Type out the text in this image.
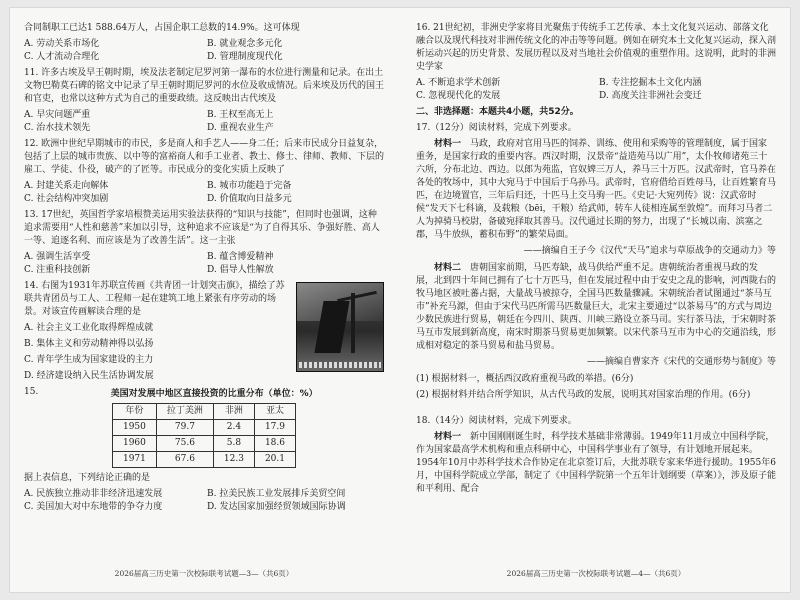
合同制职工已达1 588.64万人，占国企职工总数的14.9%。这可体现

A. 劳动关系市场化	B. 就业观念多元化
C. 人才流动合理化	D. 管理制度现代化

11. 许多古埃及早王朝时期，埃及法老制定尼罗河第一瀑布的水位进行测量和记录。在出土文物巴勒莫石碑的铭文中记录了早王朝时期尼罗河的水位及收成情况。后来埃及历代的国王和官吏，也常以这种方式为自己的重要政绩。这反映出古代埃及

A. 早灾问题严重	B. 王权至高无上
C. 治水技术领先	D. 重视农业生产

12. 欧洲中世纪早期城市的市民，多是商人和手艺人——身二任；后来市民成分日益复杂，包括了上层的城市贵族、以中等的富裕商人和手工业者、教士、修士、律师、教师、下层的雇工、学徒、仆役，破产的了匠等。市民成分的变化实质上反映了

A. 封建关系走向解体	B. 城市功能趋于完备
C. 社会结构冲突加剧	D. 价值取向日益多元

13. 17世纪，英国哲学家培根赞美运用实验法获得的“知识与技能”，但同时也强调，这种追求需要用“人性和慈善”来加以引导，这种追求不应该是“为了自得其乐、争强好胜、高人一等、追逐名利、而应该是为了改善生活”。这一主张

A. 强调生活享受	B. 蕴含博爱精神
C. 注重科技创新	D. 倡导人性解放

14. 右图为1931年苏联宣传画《共青团一计划突击旗》，描绘了苏联共青团员与工人、工程师一起在建筑工地上紧张有序劳动的场景。对该宣传画解读合理的是

A. 社会主义工业化取得辉煌成就

B. 集体主义和劳动精神得以弘扬

C. 青年学生成为国家建设的主力

D. 经济建设纳入民生活协调发展

15.	美国对发展中地区直接投资的比重分布（单位：%）
年份	拉丁美洲	非洲	亚太
1950	79.7	2.4	17.9
1960	75.6	5.8	18.6
1971	67.6	12.3	20.1

据上表信息，下列结论正确的是

A. 民族独立推动非非经济迅速发展	B. 拉美民族工业发展排斥美贸空间
C. 美国加大对中东地带的争夺力度	D. 发达国家加强经贸领域国际协调
2026届高三历史第一次校际联考试题—3—（共6页）

16. 21世纪初，非洲史学家将目光聚焦于传统手工艺传承、本土文化复兴运动、部落文化融合以及现代科技对非洲传统文化的冲击等等问题。例如在研究本土文化复兴运动，探入剖析运动兴起的历史背景、发展历程以及对当地社会价值观的重塑作用。这说明，此时的非洲史学家

A. 不断追求学术创新	B. 专注挖掘本土文化内涵
C. 忽视现代化的发展	D. 高度关注非洲社会变迁
二、非选择题：本题共4小题，共52分。

17.（12分）阅读材料，完成下列要求。

材料一　 马政，政府对官用马匹的饲养、训练、使用和采购等的管理制度，属于国家重务，是国家行政的重要内容。西汉时期，汉景帝“益造苑马以广用”，太仆牧师诸苑三十六所，分布北边、西边。以郎为苑监，官奴婢三万人，养马三十万匹。汉武帝时，官马养在各处的牧场中，其中大宛马于中国后于乌孙马。武帝时，官府借给百姓母马，让百姓繁育马匹，在边境置官，三年后归还，十匹马上交马驹一匹。《史记·大宛列传》说：汉武帝时候“发天下七科谪，及载粮（bēi，干粮）给武师，转车人徒相连属至敦煌”。而拜习马者二人为掉骑马校尉，备破宛择取其善马。汉代通过长期的努力，出现了“长城以南、滨塞之郡，马牛放纵，蓄积布野”的繁荣局面。

——摘编自王子今《汉代“天马”追求与草原战争的交通动力》等

材料二　 唐朝国家前期，马匹寿缺，战马供给严重不足。唐朝统治者重视马政的发展，北到四十年间已拥有了七十万匹马，但在发展过程中由于安史之乱的影响，河西陇右的牧马地区被吐蕃占据，大量战马被掠夺，全国马匹数量骤减。宋朝统治者试图通过“茶马互市”补充马源，但由于宋代马匹所需马匹数量巨大，北宋主要通过“以茶易马”的方式与周边少数民族进行贸易，朝廷在今四川、陕西、川峡三路设立茶马司。实行茶马法，于宋朝时茶马互市发展到新高度，南宋时期茶马贸易更加频繁。以宋代茶马互市为中心的交通沿线，形成相对稳定的茶马贸易和盐马贸易。

——摘编自曹家齐《宋代的交通形势与制度》等

(1) 根据材料一，概括西汉政府重视马政的举措。(6分)

(2) 根据材料并结合所学知识，从古代马政的发展，说明其对国家治理的作用。(6分)

18.（14分）阅读材料，完成下列要求。

材料一　 新中国刚刚诞生时，科学技术基础非常薄弱。1949年11月成立中国科学院，作为国家最高学术机构和重点科研中心，中国科学事业有了领导，有计划地开展起来。1954年10月中苏科学技术合作协定在北京签订后，大批苏联专家来华进行援助。1955年6月，中国科学院成立学部，制定了《中国科学院第一个五年计划纲要（草案）》，涉及原子能和平利用、配合

2026届高三历史第一次校际联考试题—4—（共6页）
